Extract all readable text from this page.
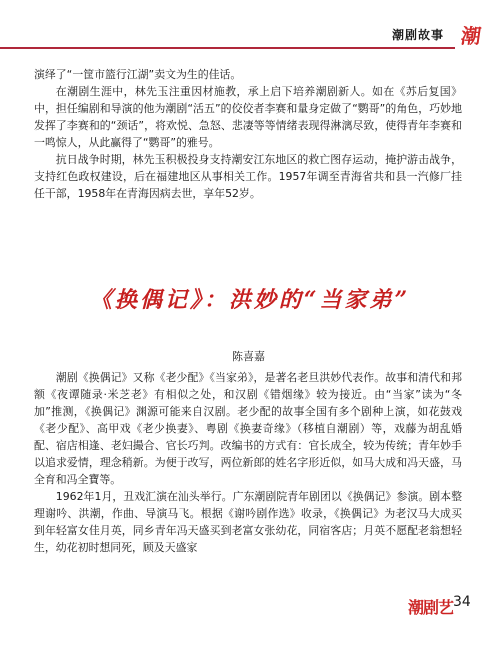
潮剧故事 潮

演绎了“一筐市篮行江湖”卖文为生的佳话。

在潮剧生涯中，林先玉注重因材施教，承上启下培养潮剧新人。如在《苏后复国》中，担任编剧和导演的他为潮剧“活五”的佼佼者李赛和量身定做了“鹦哥”的角色，巧妙地发挥了李赛和的“颈话”，将欢悦、急怒、悲凄等等情绪表现得淋漓尽致，使得青年李赛和一鸣惊人，从此赢得了“鹦哥”的雅号。

抗日战争时期，林先玉积极投身支持潮安江东地区的救亡图存运动，掩护游击战争，支持红色政权建设，后在福建地区从事相关工作。1957年调至青海省共和县一汽修厂挂任干部，1958年在青海因病去世，享年52岁。

《换偶记》：洪妙的“当家弟”
陈喜嘉

潮剧《换偶记》又称《老少配》《当家弟》，是著名老旦洪妙代表作。故事和清代和邦额《夜谭随录·米芝老》有相似之处，和汉剧《错烟缘》较为接近。由“当家”读为“冬加”推测，《换偶记》渊源可能来自汉剧。老少配的故事全国有多个剧种上演，如花鼓戏《老少配》、高甲戏《老少换妻》、粤剧《换妻奇缘》（移植自潮剧）等，戏藤为胡乱婚配、宿店相逢、老妇撮合、官长巧判。改编书的方式有：官长成全，较为传统；青年妙手以追求爱情，理念稍新。为便于改写，两位新郎的姓名字形近似，如马大成和冯天盛，马全育和冯全寶等。

1962年1月，丑戏汇演在汕头举行。广东潮剧院青年剧团以《换偶记》参演。剧本整理谢吟、洪潮，作曲、导演马飞。根据《谢吟剧作选》收录，《换偶记》为老汉马大成买到年轻富女佳月英，同乡青年冯天盛买到老富女张幼花，同宿客店；月英不愿配老翁想轻生，幼花初时想同死，顾及天盛家

潮剧艺 34
